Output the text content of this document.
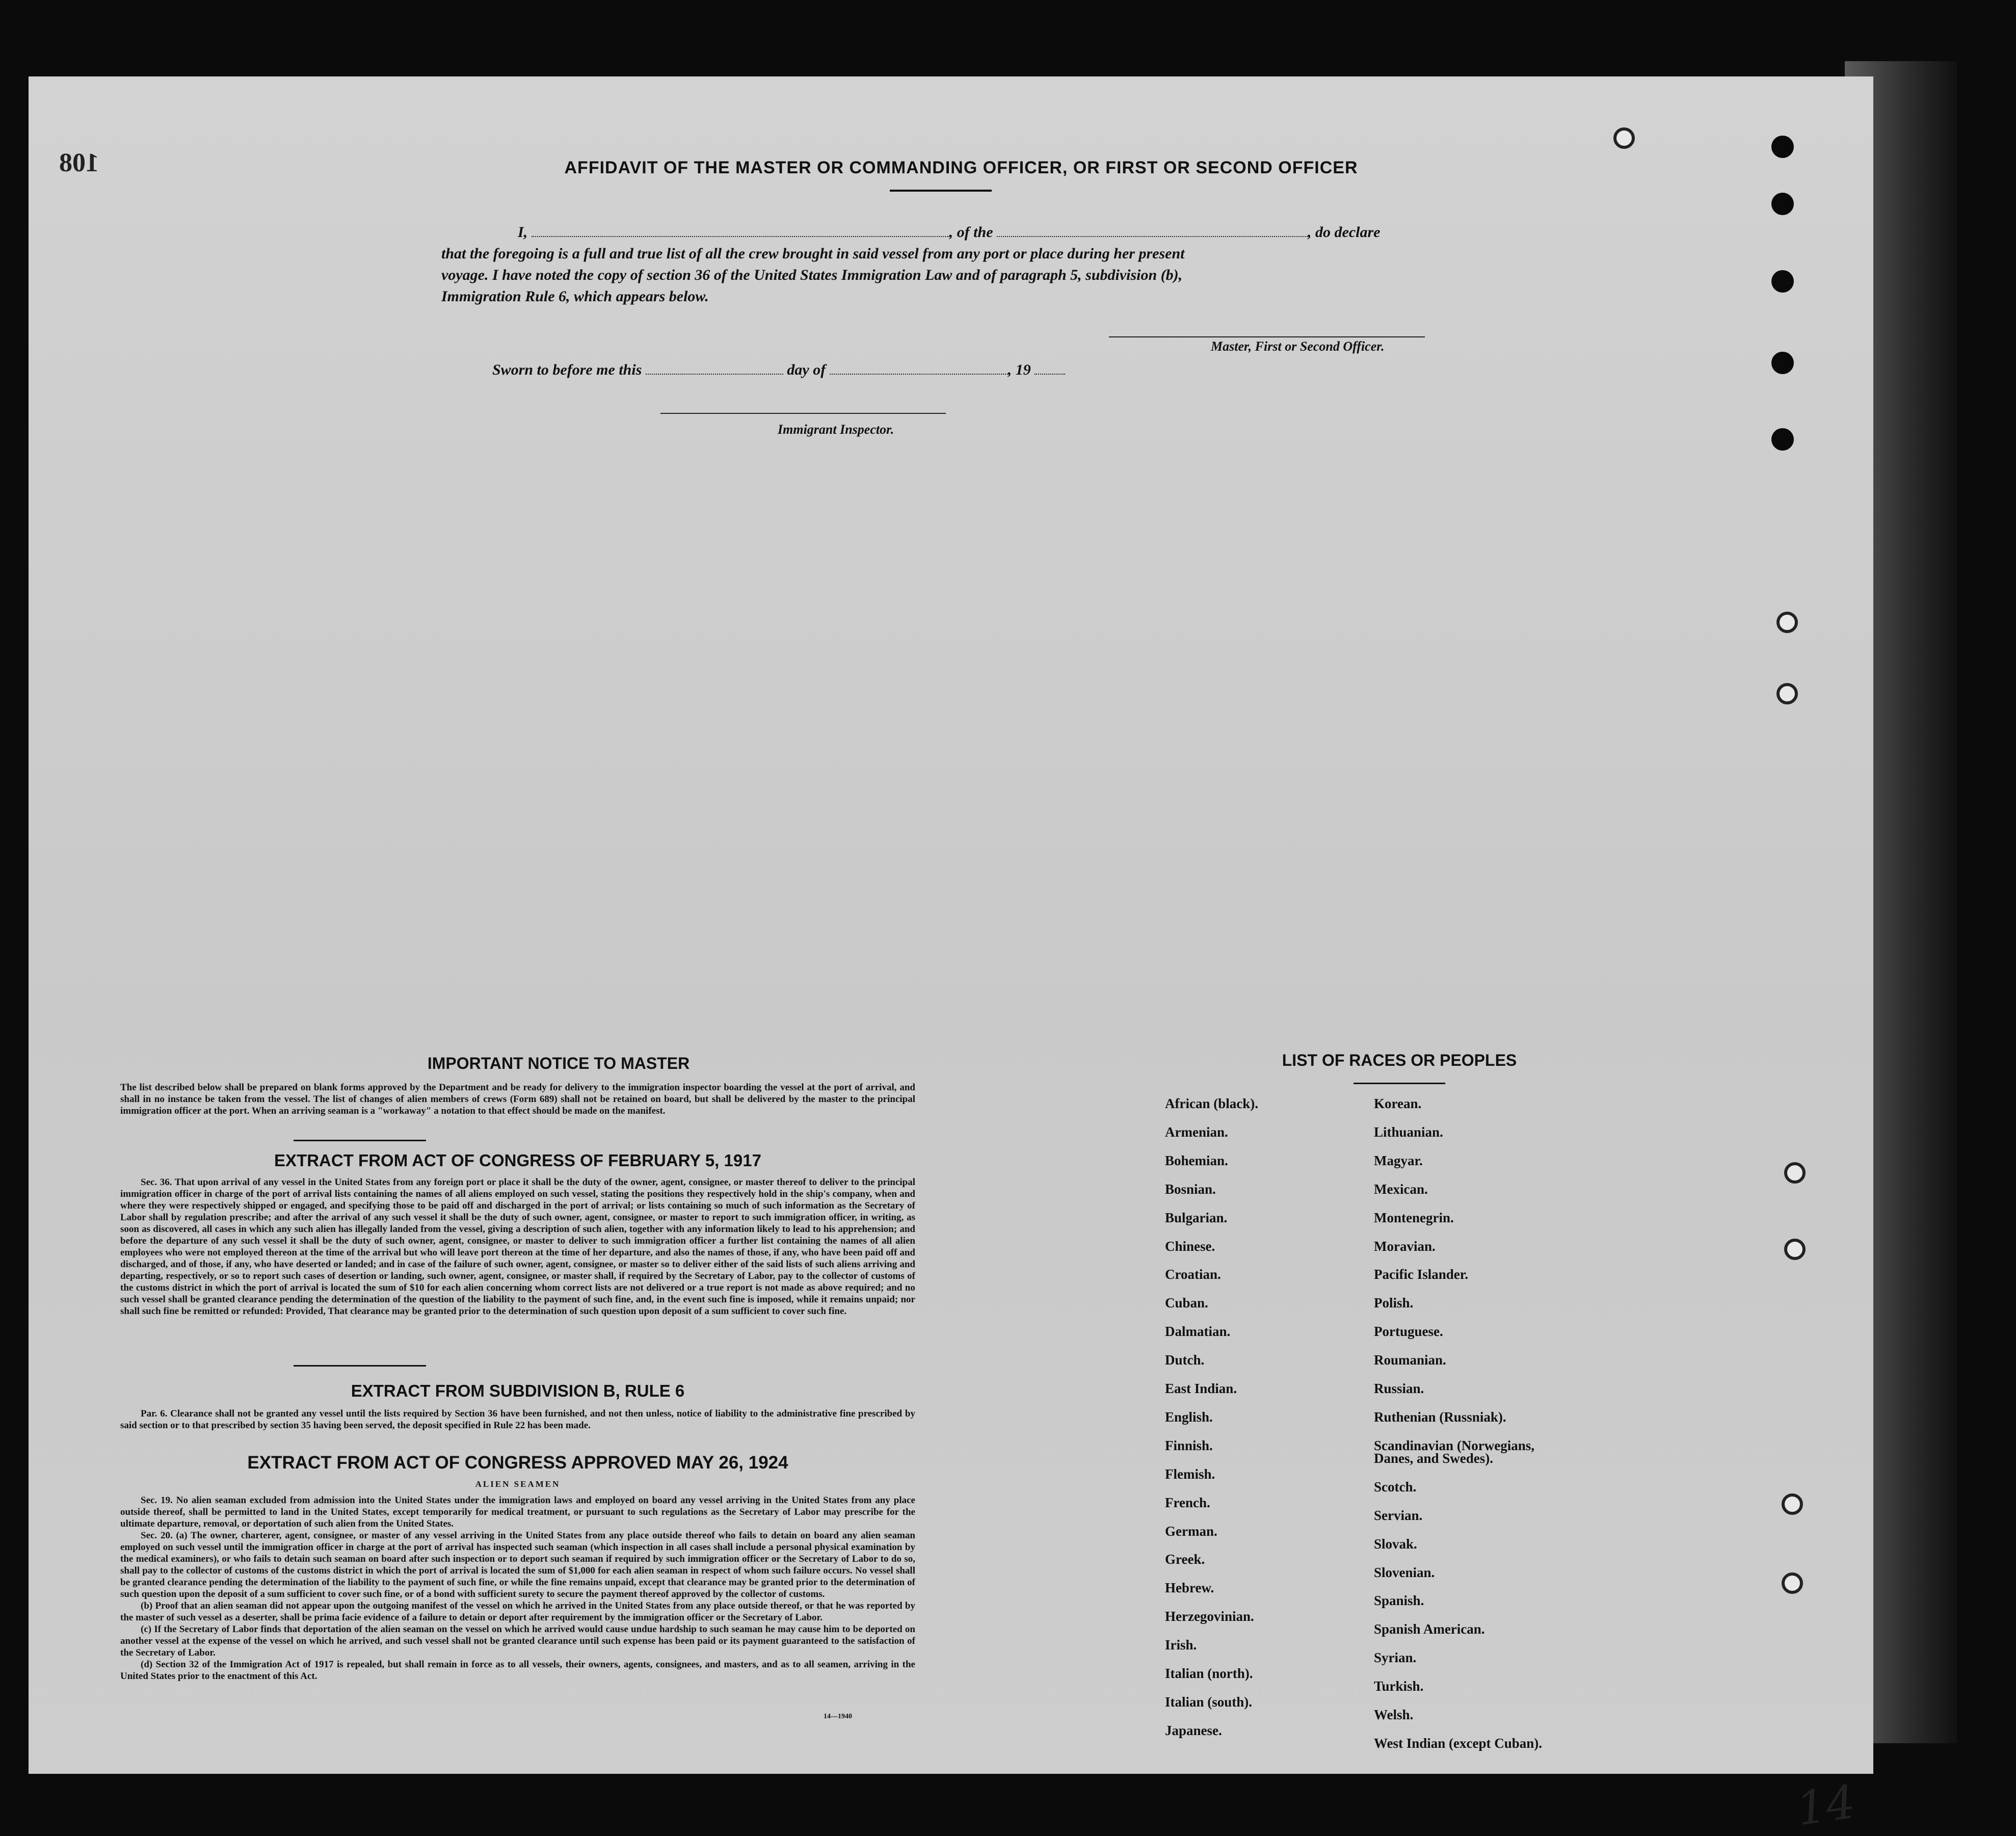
108	AFFIDAVIT OF THE MASTER OR COMMANDING OFFICER, OR FIRST OR SECOND OFFICER

I,	, of the	, do declare

that the foregoing is a full and true list of all the crew brought in said vessel from any port or place during her present

voyage. I have noted the copy of section 36 of the United States Immigration Law and of paragraph 5, subdivision (b),

Immigration Rule 6, which appears below.

Master, First or Second Officer.
Sworn to before me this	day of	, 19
Immigrant Inspector.
IMPORTANT NOTICE TO MASTER
The list described below shall be prepared on blank forms approved by the Department and be ready for delivery to the immigration inspector boarding the vessel at the port of arrival, and shall in no instance be taken from the vessel. The list of changes of alien members of crews (Form 689) shall not be retained on board, but shall be delivered by the master to the principal immigration officer at the port. When an arriving seaman is a "workaway" a notation to that effect should be made on the manifest.
EXTRACT FROM ACT OF CONGRESS OF FEBRUARY 5, 1917
Sec. 36. That upon arrival of any vessel in the United States from any foreign port or place it shall be the duty of the owner, agent, consignee, or master thereof to deliver to the principal immigration officer in charge of the port of arrival lists containing the names of all aliens employed on such vessel, stating the positions they respectively hold in the ship's company, when and where they were respectively shipped or engaged, and specifying those to be paid off and discharged in the port of arrival; or lists containing so much of such information as the Secretary of Labor shall by regulation prescribe; and after the arrival of any such vessel it shall be the duty of such owner, agent, consignee, or master to report to such immigration officer, in writing, as soon as discovered, all cases in which any such alien has illegally landed from the vessel, giving a description of such alien, together with any information likely to lead to his apprehension; and before the departure of any such vessel it shall be the duty of such owner, agent, consignee, or master to deliver to such immigration officer a further list containing the names of all alien employees who were not employed thereon at the time of the arrival but who will leave port thereon at the time of her departure, and also the names of those, if any, who have been paid off and discharged, and of those, if any, who have deserted or landed; and in case of the failure of such owner, agent, consignee, or master so to deliver either of the said lists of such aliens arriving and departing, respectively, or so to report such cases of desertion or landing, such owner, agent, consignee, or master shall, if required by the Secretary of Labor, pay to the collector of customs of the customs district in which the port of arrival is located the sum of $10 for each alien concerning whom correct lists are not delivered or a true report is not made as above required; and no such vessel shall be granted clearance pending the determination of the question of the liability to the payment of such fine, and, in the event such fine is imposed, while it remains unpaid; nor shall such fine be remitted or refunded: Provided, That clearance may be granted prior to the determination of such question upon deposit of a sum sufficient to cover such fine.
EXTRACT FROM SUBDIVISION B, RULE 6
Par. 6. Clearance shall not be granted any vessel until the lists required by Section 36 have been furnished, and not then unless, notice of liability to the administrative fine prescribed by said section or to that prescribed by section 35 having been served, the deposit specified in Rule 22 has been made.
EXTRACT FROM ACT OF CONGRESS APPROVED MAY 26, 1924
ALIEN SEAMEN
Sec. 19. No alien seaman excluded from admission into the United States under the immigration laws and employed on board any vessel arriving in the United States from any place outside thereof, shall be permitted to land in the United States, except temporarily for medical treatment, or pursuant to such regulations as the Secretary of Labor may prescribe for the ultimate departure, removal, or deportation of such alien from the United States.
Sec. 20. (a) The owner, charterer, agent, consignee, or master of any vessel arriving in the United States from any place outside thereof who fails to detain on board any alien seaman employed on such vessel until the immigration officer in charge at the port of arrival has inspected such seaman (which inspection in all cases shall include a personal physical examination by the medical examiners), or who fails to detain such seaman on board after such inspection or to deport such seaman if required by such immigration officer or the Secretary of Labor to do so, shall pay to the collector of customs of the customs district in which the port of arrival is located the sum of $1,000 for each alien seaman in respect of whom such failure occurs. No vessel shall be granted clearance pending the determination of the liability to the payment of such fine, or while the fine remains unpaid, except that clearance may be granted prior to the determination of such question upon the deposit of a sum sufficient to cover such fine, or of a bond with sufficient surety to secure the payment thereof approved by the collector of customs.
(b) Proof that an alien seaman did not appear upon the outgoing manifest of the vessel on which he arrived in the United States from any place outside thereof, or that he was reported by the master of such vessel as a deserter, shall be prima facie evidence of a failure to detain or deport after requirement by the immigration officer or the Secretary of Labor.
(c) If the Secretary of Labor finds that deportation of the alien seaman on the vessel on which he arrived would cause undue hardship to such seaman he may cause him to be deported on another vessel at the expense of the vessel on which he arrived, and such vessel shall not be granted clearance until such expense has been paid or its payment guaranteed to the satisfaction of the Secretary of Labor.
(d) Section 32 of the Immigration Act of 1917 is repealed, but shall remain in force as to all vessels, their owners, agents, consignees, and masters, and as to all seamen, arriving in the United States prior to the enactment of this Act.
14—1940
LIST OF RACES OR PEOPLES
14
African (black).
Armenian.
Bohemian.
Bosnian.
Bulgarian.
Chinese.
Croatian.
Cuban.
Dalmatian.
Dutch.
East Indian.
English.
Finnish.
Flemish.
French.
German.
Greek.
Hebrew.
Herzegovinian.
Irish.
Italian (north).
Italian (south).
Japanese.
Korean.
Lithuanian.
Magyar.
Mexican.
Montenegrin.
Moravian.
Pacific Islander.
Polish.
Portuguese.
Roumanian.
Russian.
Ruthenian (Russniak).
Scandinavian (Norwegians,
Danes, and Swedes).
Scotch.
Servian.
Slovak.
Slovenian.
Spanish.
Spanish American.
Syrian.
Turkish.
Welsh.
West Indian (except Cuban).
